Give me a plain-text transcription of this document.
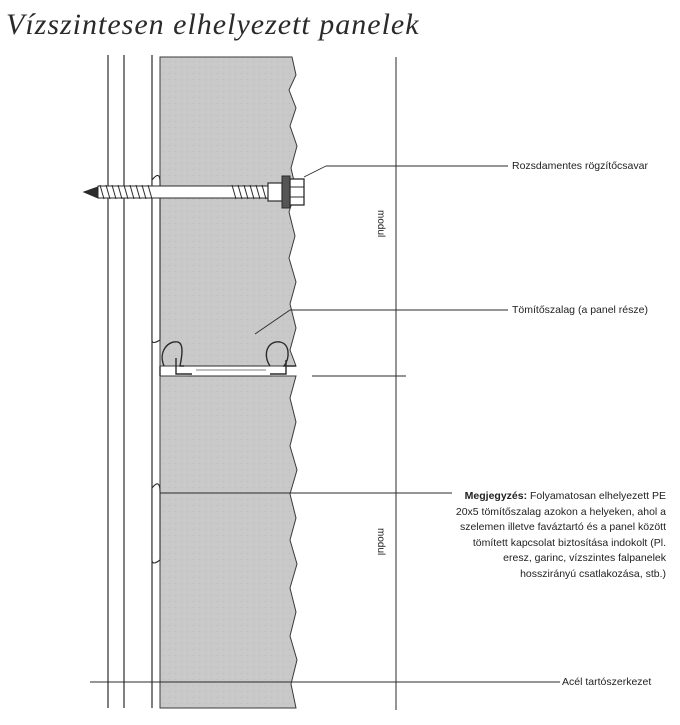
Vízszintesen elhelyezett panelek
Rozsdamentes rögzítőcsavar
Tömítőszalag (a panel része)
Acél tartószerkezet
modul
modul
Megjegyzés: Folyamatosan elhelyezett PE 20x5 tömítőszalag azokon a helyeken, ahol a szelemen illetve faváztartó és a panel között tömített kapcsolat biztosítása indokolt (Pl. eresz, garinc, vízszintes falpanelek hosszirányú csatlakozása, stb.)
